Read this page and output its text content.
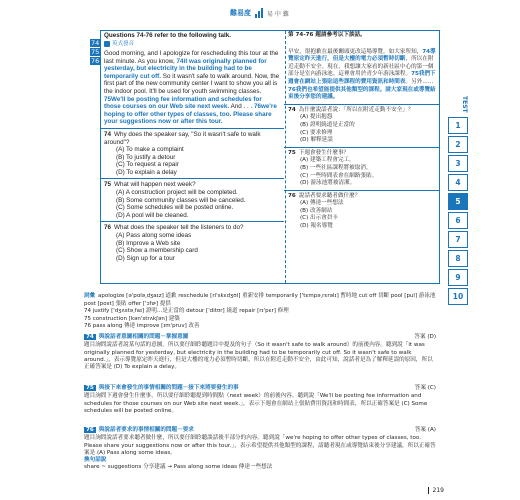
難易度	易 中 難
74
75
76
Questions 74-76 refer to the following talk.
英式發音
Good morning, and I apologize for rescheduling this tour at the last minute. As you know, 74it was originally planned for yesterday, but electricity in the building had to be temporarily cut off. So it wasn't safe to walk around. Now, the first part of the new community center I want to show you all is the indoor pool. It'll be used for youth swimming classes. 75We'll be posting fee information and schedules for those courses on our Web site next week. And . . . 76we're hoping to offer other types of classes, too. Please share your suggestions now or after this tour.
74 Why does the speaker say, "So it wasn't safe to walk around"?
(A) To make a complaint
(B) To justify a detour
(C) To request a repair
(D) To explain a delay
75 What will happen next week?
(A) A construction project will be completed.
(B) Some community classes will be canceled.
(C) Some schedules will be posted online.
(D) A pool will be cleaned.
76 What does the speaker tell the listeners to do?
(A) Pass along some ideas
(B) Improve a Web site
(C) Show a membership card
(D) Sign up for a tour
第 74-76 題請參考以下談話。
早安，很抱歉在最後關頭更改這場導覽。如大家所知，74導覽原定昨天進行，但是大樓的電力必須暫時切斷，所以在附近走動不安全。現在，我想讓大家看的新社區中心的第一個部分是室內游泳池。這裡會用於青少年游泳課程。75我們下週會在網站上張貼這些課程的費用資訊和時間表。另外……76我們也希望能提供其他類型的課程。請大家現在或導覽結束後分享您的建議。
74 為什麼說話者說：「所以在附近走動不安全」？
(A) 提出抱怨
(B) 證明繞道是正當的
(C) 要求修理
(D) 解釋延誤
75 下週會發生什麼事？
(A) 建築工程會完工。
(B) 一些社區課程將被取消。
(C) 一些時間表會在網路張貼。
(D) 游泳池將被清潔。
76 說話者要求聽者做什麼？
(A) 傳達一些想法
(B) 改善網站
(C) 出示會員卡
(D) 報名導覽
TEST
1
2
3
4
5
6
7
8
9
10
詞彙 apologize [ə'pɑlə͵dʒaɪz] 道歉 reschedule [ri'skɛdʒʊl] 重新安排 temporarily ['tɛmpə͵rɛrəlɪ] 暫時地 cut off 切斷 pool [pul] 游泳池 post [post] 張貼 offer ['ɔfɚ] 提供
74 justify ['dʒʌstə͵faɪ] 證明…是正當的 detour ['ditʊr] 繞道 repair [rɪ'pɛr] 修理
75 construction [kən'strʌkʃən] 建築
76 pass along 傳達 improve [ɪm'pruv] 改善
74 與說話者意圖相關的問題－掌握意圖	答案 (D)
題目詢問說話者說某句話的意圖。所以要仔細聆聽題目中提及的句子（So it wasn't safe to walk around）的前後內容。聽到說「it was originally planned for yesterday, but electricity in the building had to be temporarily cut off. So it wasn't safe to walk around.」，表示導覽原定昨天進行，但是大樓的電力必須暫時切斷，所以在附近走動不安全，由此可知，說話者是為了解釋延誤的原因，所以正確答案是 (D) To explain a delay。
75 與接下來會發生的事情相關的問題－接下來將要發生的事	答案 (C)
題目詢問下週會發生什麼事，所以要仔細聆聽提到時間點（next week）的前後內容。聽到說「We'll be posting fee information and schedules for those courses on our Web site next week.」，表示下週會在網站上張貼費用資訊和時間表，所以正確答案是 (C) Some schedules will be posted online。
76 與說話者要求的事情相關的問題－要求	答案 (A)
題目詢問說話者要求聽者做什麼，所以要仔細聆聽談話後半部分的內容。聽到說「we're hoping to offer other types of classes, too. Please share your suggestions now or after this tour.」，表示希望提供其他類型的課程，請聽者現在或導覽結束後分享建議，所以正確答案是 (A) Pass along some ideas。
換句話說
share ~ suggestions 分享建議 → Pass along some ideas 傳達一些想法
219
